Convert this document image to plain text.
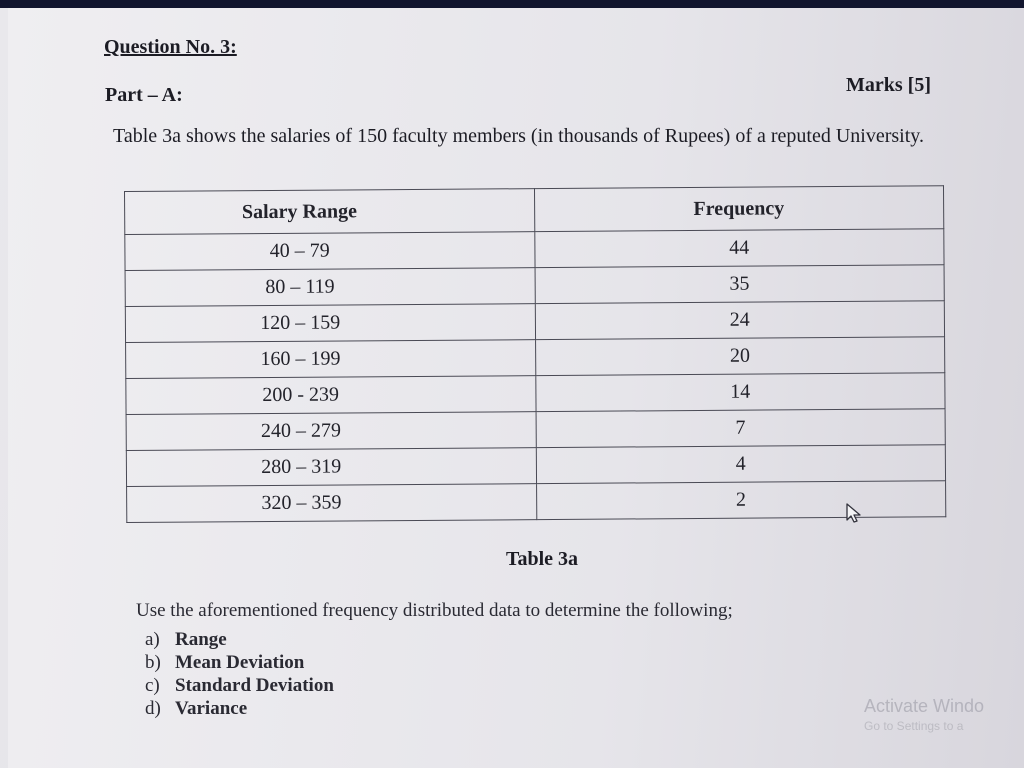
Question No. 3:
Part – A:	Marks [5]
Table 3a shows the salaries of 150 faculty members (in thousands of Rupees) of a reputed University.
Salary Range	Frequency
40 – 79	44
80 – 119	35
120 – 159	24
160 – 199	20
200 - 239	14
240 – 279	7
280 – 319	4
320 – 359	2
Table 3a
Use the aforementioned frequency distributed data to determine the following;
a) Range
b) Mean Deviation
c) Standard Deviation
d) Variance	Activate Windo
Go to Settings to a
